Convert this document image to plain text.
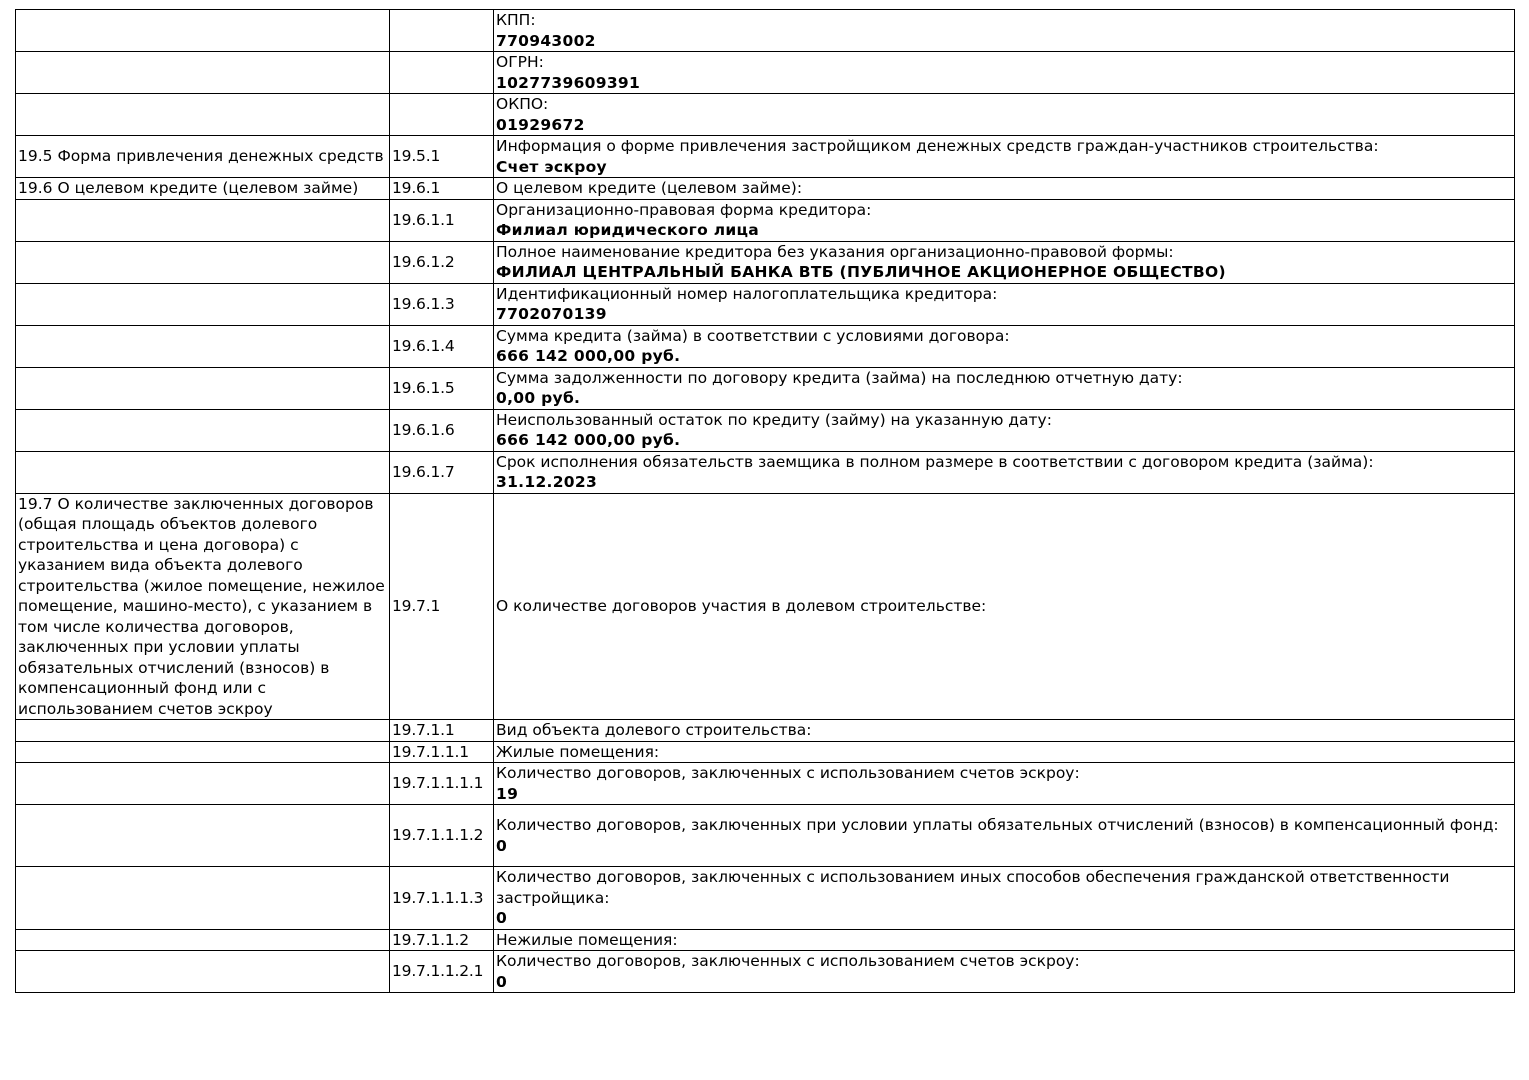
		КПП:
770943002

		ОГРН:
1027739609391

		ОКПО:
01929672

19.5 Форма привлечения денежных средств	19.5.1	Информация о форме привлечения застройщиком денежных средств граждан-участников строительства:
Счет эскроу

19.6 О целевом кредите (целевом займе)	19.6.1	О целевом кредите (целевом займе):

	19.6.1.1	Организационно-правовая форма кредитора:
Филиал юридического лица

	19.6.1.2	Полное наименование кредитора без указания организационно-правовой формы:
ФИЛИАЛ ЦЕНТРАЛЬНЫЙ БАНКА ВТБ (ПУБЛИЧНОЕ АКЦИОНЕРНОЕ ОБЩЕСТВО)

	19.6.1.3	Идентификационный номер налогоплательщика кредитора:
7702070139

	19.6.1.4	Сумма кредита (займа) в соответствии с условиями договора:
666 142 000,00 руб.

	19.6.1.5	Сумма задолженности по договору кредита (займа) на последнюю отчетную дату:
0,00 руб.

	19.6.1.6	Неиспользованный остаток по кредиту (займу) на указанную дату:
666 142 000,00 руб.

	19.6.1.7	Срок исполнения обязательств заемщика в полном размере в соответствии с договором кредита (займа):
31.12.2023

19.7 О количестве заключенных договоров (общая площадь объектов долевого строительства и цена договора) с указанием вида объекта долевого строительства (жилое помещение, нежилое помещение, машино-место), с указанием в том числе количества договоров, заключенных при условии уплаты обязательных отчислений (взносов) в компенсационный фонд или с использованием счетов эскроу	19.7.1	О количестве договоров участия в долевом строительстве:

	19.7.1.1	Вид объекта долевого строительства:

	19.7.1.1.1	Жилые помещения:

	19.7.1.1.1.1	Количество договоров, заключенных с использованием счетов эскроу:
19

	19.7.1.1.1.2	Количество договоров, заключенных при условии уплаты обязательных отчислений (взносов) в компенсационный фонд:
0

	19.7.1.1.1.3	Количество договоров, заключенных с использованием иных способов обеспечения гражданской ответственности застройщика:
0

	19.7.1.1.2	Нежилые помещения:

	19.7.1.1.2.1	Количество договоров, заключенных с использованием счетов эскроу:
0
